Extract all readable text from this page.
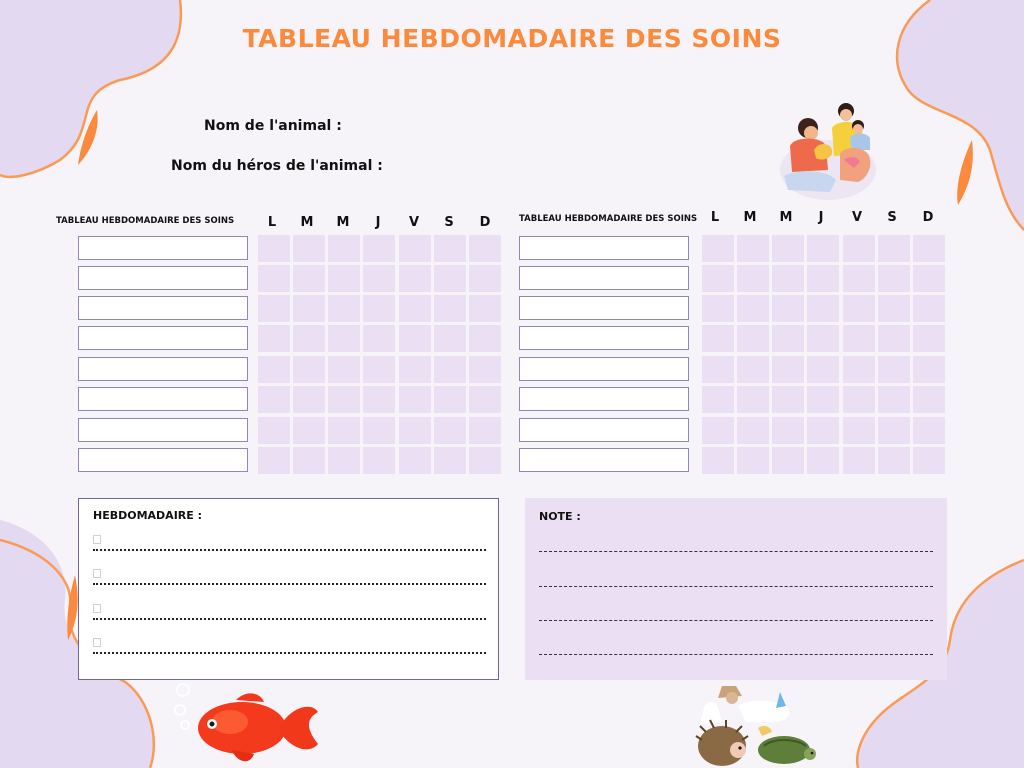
TABLEAU HEBDOMADAIRE DES SOINS
Nom de l'animal :
Nom du héros de l'animal :
TABLEAU HEBDOMADAIRE DES SOINS	L	M	M	J	V	S	D	TABLEAU HEBDOMADAIRE DES SOINS	L	M	M	J	V	S	D
HEBDOMADAIRE :	NOTE :
